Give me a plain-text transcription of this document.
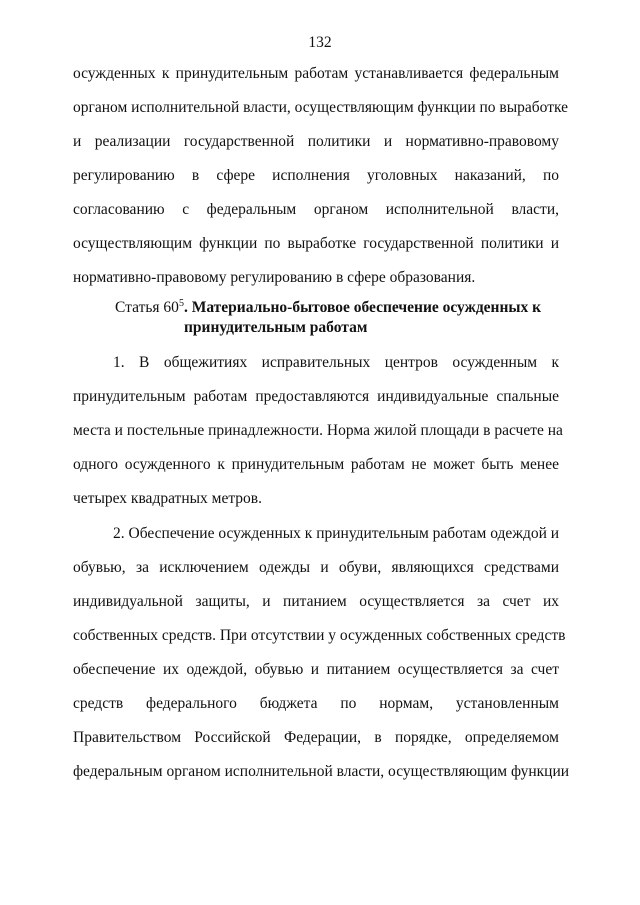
132
осужденных к принудительным работам устанавливается федеральным
органом исполнительной власти, осуществляющим функции по выработке
и реализации государственной политики и нормативно-правовому
регулированию в сфере исполнения уголовных наказаний, по
согласованию с федеральным органом исполнительной власти,
осуществляющим функции по выработке государственной политики и
нормативно-правовому регулированию в сфере образования.
Статья $60^5$. Материально-бытовое обеспечение осужденных к
принудительным работам
1. В общежитиях исправительных центров осужденным к
принудительным работам предоставляются индивидуальные спальные
места и постельные принадлежности. Норма жилой площади в расчете на
одного осужденного к принудительным работам не может быть менее
четырех квадратных метров.
2. Обеспечение осужденных к принудительным работам одеждой и
обувью, за исключением одежды и обуви, являющихся средствами
индивидуальной защиты, и питанием осуществляется за счет их
собственных средств. При отсутствии у осужденных собственных средств
обеспечение их одеждой, обувью и питанием осуществляется за счет
средств федерального бюджета по нормам, установленным
Правительством Российской Федерации, в порядке, определяемом
федеральным органом исполнительной власти, осуществляющим функции
